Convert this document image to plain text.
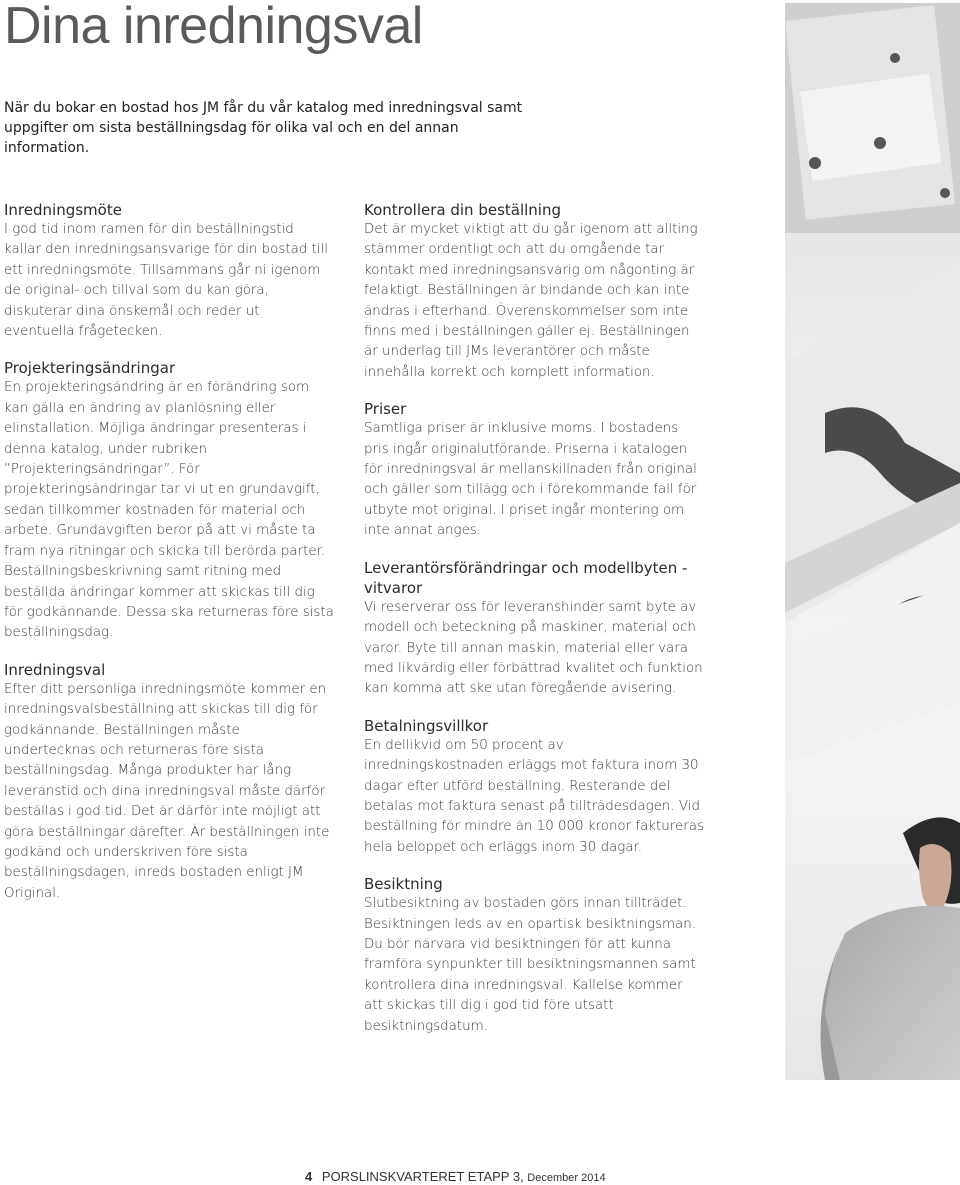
Dina inredningsval

När du bokar en bostad hos JM får du vår katalog med inredningsval samt uppgifter om sista beställningsdag för olika val och en del annan information.

Inredningsmöte

I god tid inom ramen för din beställningstid kallar den inredningsansvarige för din bostad till ett inredningsmöte. Tillsammans går ni igenom de original- och tillval som du kan göra, diskuterar dina önskemål och reder ut eventuella frågetecken.

Projekteringsändringar

En projekteringsändring är en förändring som kan gälla en ändring av planlösning eller elinstallation. Möjliga ändringar presenteras i denna katalog, under rubriken ”Projekteringsändringar”. För projekteringsändringar tar vi ut en grundavgift, sedan tillkommer kostnaden för material och arbete. Grundavgiften beror på att vi måste ta fram nya ritningar och skicka till berörda parter. Beställningsbeskrivning samt ritning med beställda ändringar kommer att skickas till dig för godkännande. Dessa ska returneras före sista beställningsdag.

Inredningsval

Efter ditt personliga inredningsmöte kommer en inredningsvalsbeställning att skickas till dig för godkännande. Beställningen måste undertecknas och returneras före sista beställningsdag. Många produkter har lång leveranstid och dina inredningsval måste därför beställas i god tid. Det är därför inte möjligt att göra beställningar därefter. Är beställningen inte godkänd och underskriven före sista beställningsdagen, inreds bostaden enligt JM Original.

Kontrollera din beställning

Det är mycket viktigt att du går igenom att allting stämmer ordentligt och att du omgående tar kontakt med inredningsansvarig om någonting är felaktigt. Beställningen är bindande och kan inte ändras i efterhand. Överenskommelser som inte finns med i beställningen gäller ej. Beställningen är underlag till JMs leverantörer och måste innehålla korrekt och komplett information.

Priser

Samtliga priser är inklusive moms. I bostadens pris ingår originalutförande. Priserna i katalogen för inredningsval är mellanskillnaden från original och gäller som tillägg och i förekommande fall för utbyte mot original. I priset ingår montering om inte annat anges.

Leverantörsförändringar och modellbyten - vitvaror

Vi reserverar oss för leveranshinder samt byte av modell och beteckning på maskiner, material och varor. Byte till annan maskin, material eller vara med likvärdig eller förbättrad kvalitet och funktion kan komma att ske utan föregående avisering.

Betalningsvillkor

En dellikvid om 50 procent av inredningskostnaden erläggs mot faktura inom 30 dagar efter utförd beställning. Resterande del betalas mot faktura senast på tillträdesdagen. Vid beställning för mindre än 10 000 kronor faktureras hela beloppet och erläggs inom 30 dagar.

Besiktning

Slutbesiktning av bostaden görs innan tillträdet. Besiktningen leds av en opartisk besiktningsman. Du bör närvara vid besiktningen för att kunna framföra synpunkter till besiktningsmannen samt kontrollera dina inredningsval. Kallelse kommer att skickas till dig i god tid före utsatt besiktningsdatum.

4 PORSLINSKVARTERET ETAPP 3, December 2014
